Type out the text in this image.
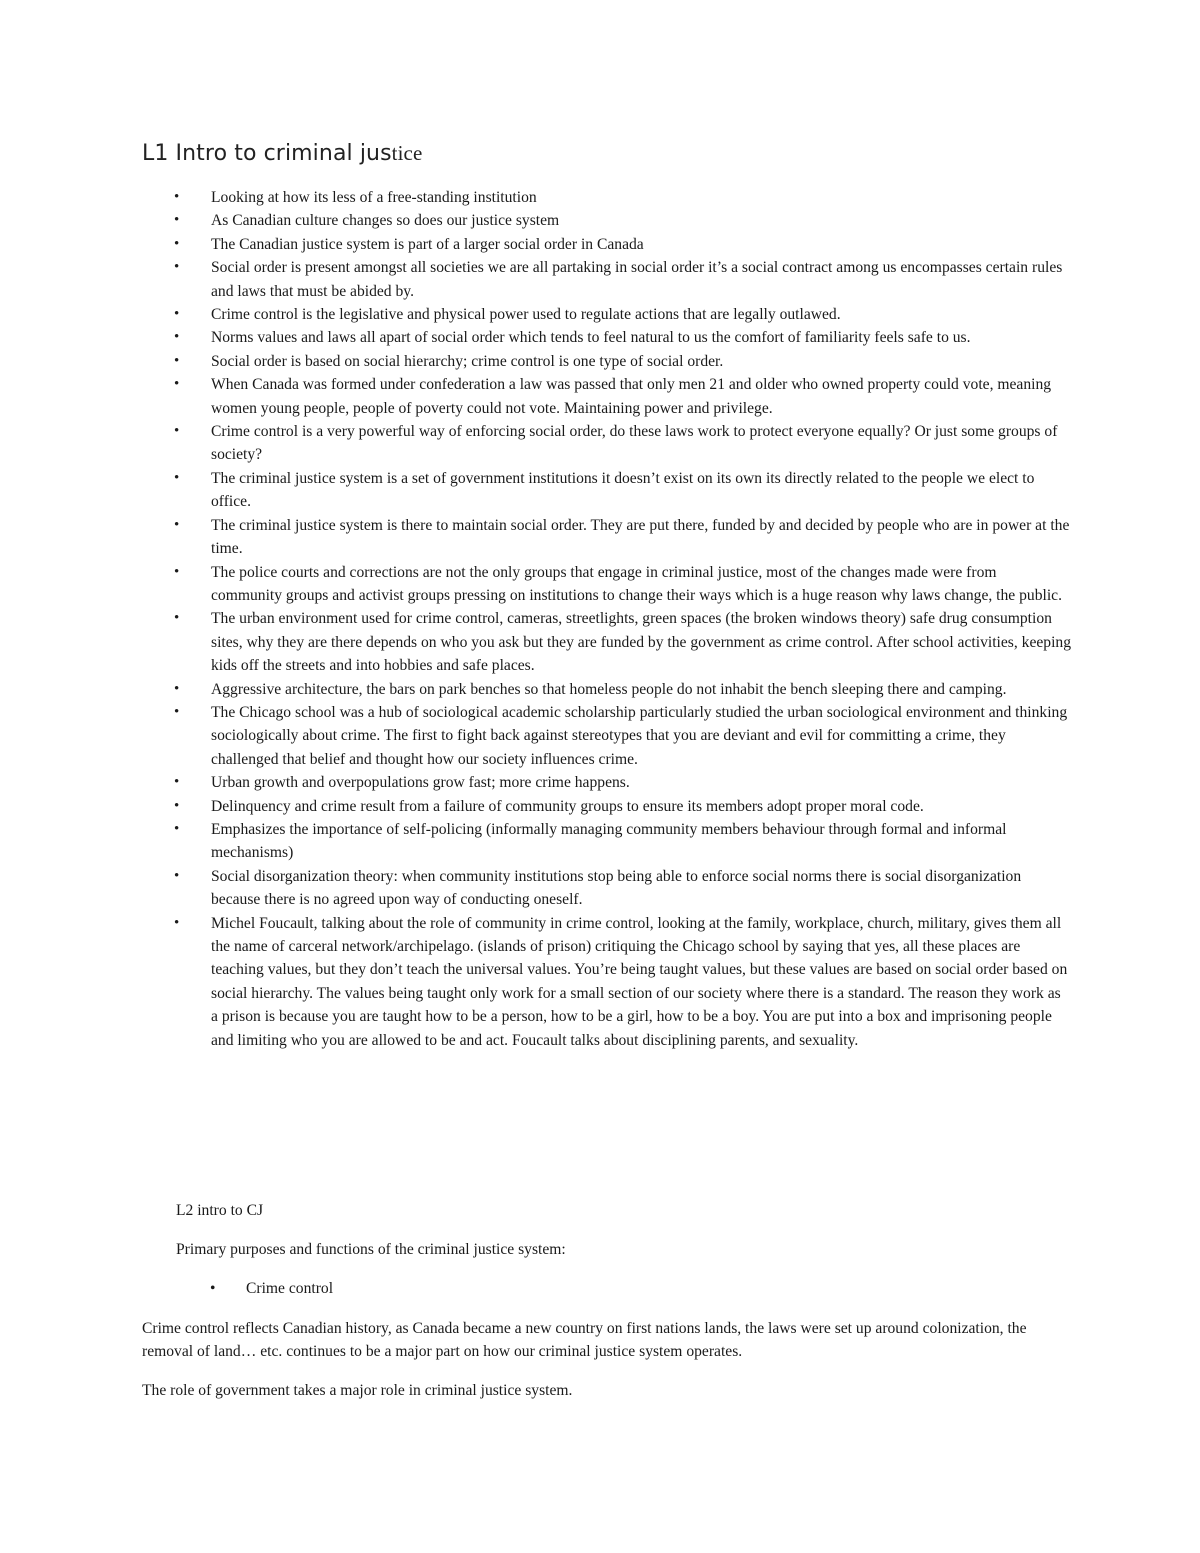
L1 Intro to criminal justice
• Looking at how its less of a free-standing institution
• As Canadian culture changes so does our justice system
• The Canadian justice system is part of a larger social order in Canada
• Social order is present amongst all societies we are all partaking in social order it’s a social contract among us encompasses certain rules and laws that must be abided by.
• Crime control is the legislative and physical power used to regulate actions that are legally outlawed.
• Norms values and laws all apart of social order which tends to feel natural to us the comfort of familiarity feels safe to us.
• Social order is based on social hierarchy; crime control is one type of social order.
• When Canada was formed under confederation a law was passed that only men 21 and older who owned property could vote, meaning women young people, people of poverty could not vote. Maintaining power and privilege.
• Crime control is a very powerful way of enforcing social order, do these laws work to protect everyone equally? Or just some groups of society?
• The criminal justice system is a set of government institutions it doesn’t exist on its own its directly related to the people we elect to office.
• The criminal justice system is there to maintain social order. They are put there, funded by and decided by people who are in power at the time.
• The police courts and corrections are not the only groups that engage in criminal justice, most of the changes made were from community groups and activist groups pressing on institutions to change their ways which is a huge reason why laws change, the public.
• The urban environment used for crime control, cameras, streetlights, green spaces (the broken windows theory) safe drug consumption sites, why they are there depends on who you ask but they are funded by the government as crime control. After school activities, keeping kids off the streets and into hobbies and safe places.
• Aggressive architecture, the bars on park benches so that homeless people do not inhabit the bench sleeping there and camping.
• The Chicago school was a hub of sociological academic scholarship particularly studied the urban sociological environment and thinking sociologically about crime. The first to fight back against stereotypes that you are deviant and evil for committing a crime, they challenged that belief and thought how our society influences crime.
• Urban growth and overpopulations grow fast; more crime happens.
• Delinquency and crime result from a failure of community groups to ensure its members adopt proper moral code.
• Emphasizes the importance of self-policing (informally managing community members behaviour through formal and informal mechanisms)
• Social disorganization theory: when community institutions stop being able to enforce social norms there is social disorganization because there is no agreed upon way of conducting oneself.
• Michel Foucault, talking about the role of community in crime control, looking at the family, workplace, church, military, gives them all the name of carceral network/archipelago. (islands of prison) critiquing the Chicago school by saying that yes, all these places are teaching values, but they don’t teach the universal values. You’re being taught values, but these values are based on social order based on social hierarchy. The values being taught only work for a small section of our society where there is a standard. The reason they work as a prison is because you are taught how to be a person, how to be a girl, how to be a boy. You are put into a box and imprisoning people and limiting who you are allowed to be and act. Foucault talks about disciplining parents, and sexuality.

L2 intro to CJ

Primary purposes and functions of the criminal justice system:

• Crime control

Crime control reflects Canadian history, as Canada became a new country on first nations lands, the laws were set up around colonization, the removal of land… etc. continues to be a major part on how our criminal justice system operates.

The role of government takes a major role in criminal justice system.
